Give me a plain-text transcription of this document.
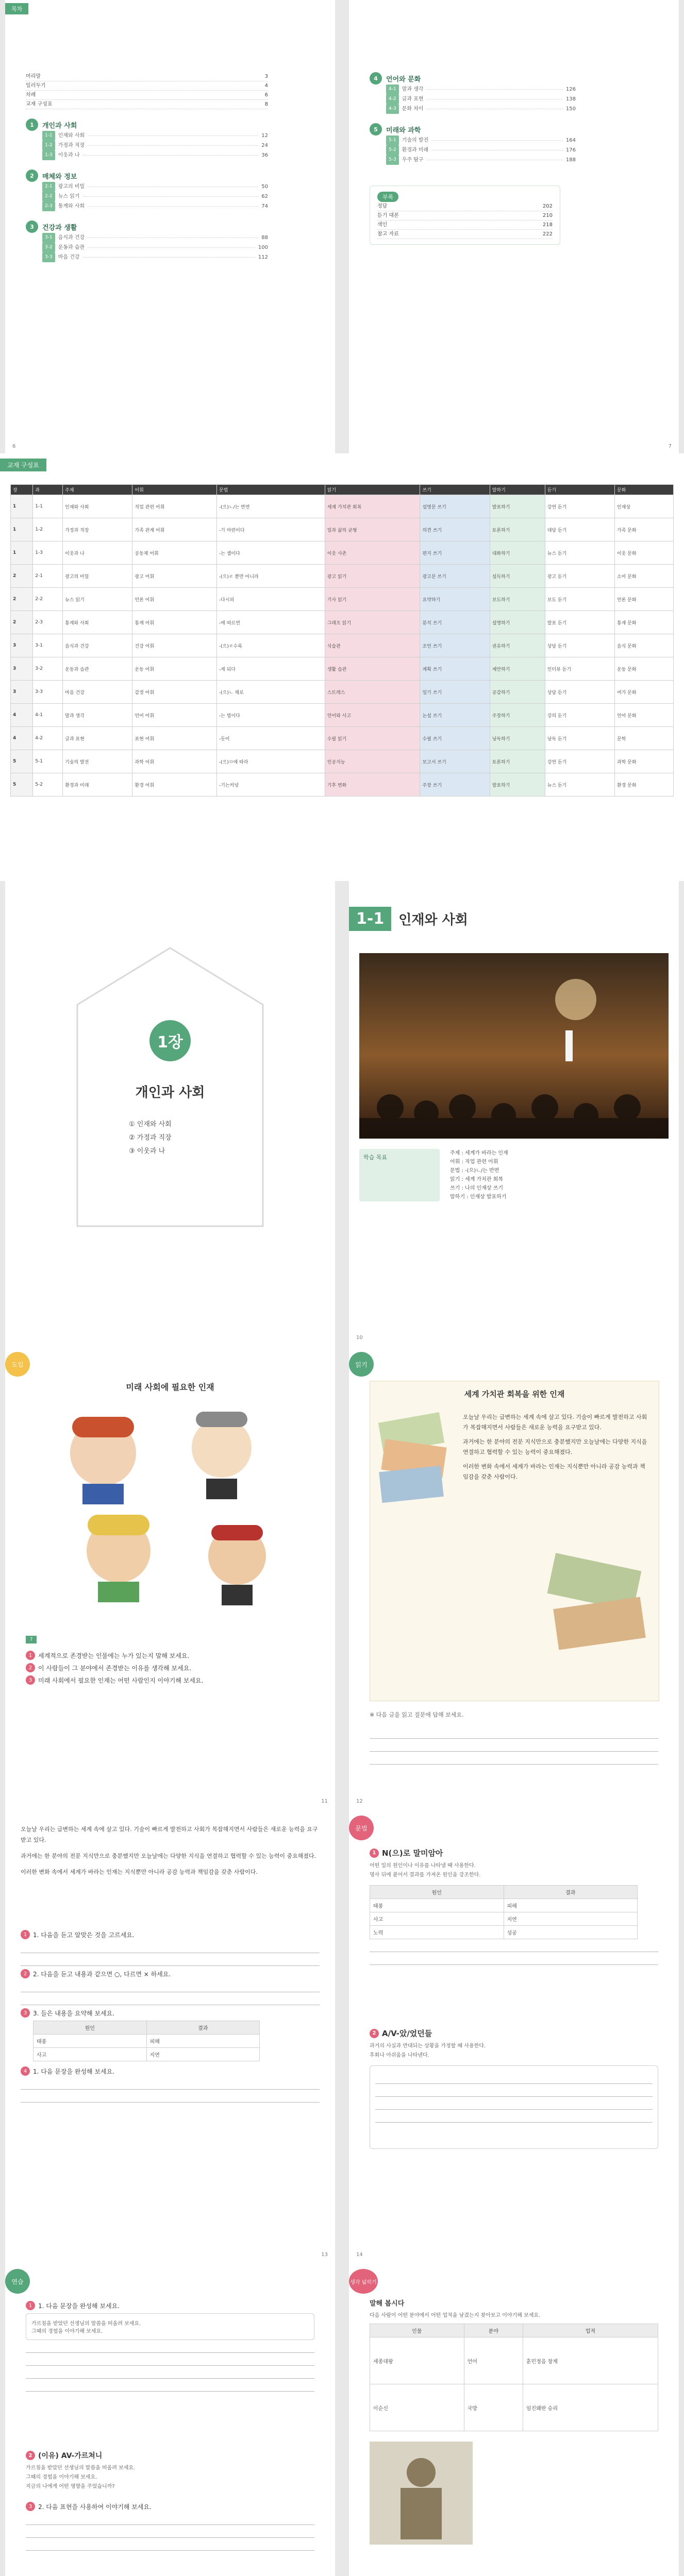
목차
머리말	3
일러두기	4
차례	6
교재 구성표	8
1	개인과 사회
1-1	인재와 사회	12
1-2	가정과 직장	24
1-3	이웃과 나	36
2	매체와 정보
2-1	광고의 비밀	50
2-2	뉴스 읽기	62
2-3	통계와 사회	74
3	건강과 생활
3-1	음식과 건강	88
3-2	운동과 습관	100
3-3	마음 건강	112
6
4	언어와 문화
4-1	말과 생각	126
4-2	글과 표현	138
4-3	문화 차이	150
5	미래와 과학
5-1	기술의 발전	164
5-2	환경과 미래	176
5-3	우주 탐구	188
부록
정답	202
듣기 대본	210
색인	218
참고 자료	222
7
교재 구성표
장	과	주제	어휘	문법	읽기	쓰기	말하기	듣기	문화
1	1-1	인재와 사회	직업 관련 어휘	-(으)ㄴ/는 반면	세계 가치관 회복	설명문 쓰기	발표하기	강연 듣기	인재상
1	1-2	가정과 직장	가족 관계 어휘	-기 마련이다	일과 삶의 균형	의견 쓰기	토론하기	대담 듣기	가족 문화
1	1-3	이웃과 나	공동체 어휘	-는 셈이다	이웃 사촌	편지 쓰기	대화하기	뉴스 듣기	이웃 문화
2	2-1	광고의 비밀	광고 어휘	-(으)ㄹ 뿐만 아니라	광고 읽기	광고문 쓰기	설득하기	광고 듣기	소비 문화
2	2-2	뉴스 읽기	언론 어휘	-다시피	기사 읽기	요약하기	보도하기	보도 듣기	언론 문화
2	2-3	통계와 사회	통계 어휘	-에 따르면	그래프 읽기	분석 쓰기	설명하기	발표 듣기	통계 문화
3	3-1	음식과 건강	건강 어휘	-(으)ㄹ수록	식습관	조언 쓰기	권유하기	상담 듣기	음식 문화
3	3-2	운동과 습관	운동 어휘	-게 되다	생활 습관	계획 쓰기	제안하기	인터뷰 듣기	운동 문화
3	3-3	마음 건강	감정 어휘	-(으)ㄴ 채로	스트레스	일기 쓰기	공감하기	상담 듣기	여가 문화
4	4-1	말과 생각	언어 어휘	-는 법이다	언어와 사고	논설 쓰기	주장하기	강의 듣기	언어 문화
4	4-2	글과 표현	표현 어휘	-듯이	수필 읽기	수필 쓰기	낭독하기	낭독 듣기	문학
5	5-1	기술의 발전	과학 어휘	-(으)ㅁ에 따라	인공지능	보고서 쓰기	토론하기	강연 듣기	과학 문화
5	5-2	환경과 미래	환경 어휘	-기는커녕	기후 변화	주장 쓰기	발표하기	뉴스 듣기	환경 문화
1장
개인과 사회
① 인재와 사회
② 가정과 직장
③ 이웃과 나
1-1	인재와 사회
학습 목표
주제 : 세계가 바라는 인재
어휘 : 직업 관련 어휘
문법 : -(으)ㄴ/는 반면
읽기 : 세계 가치관 회복
쓰기 : 나의 인재상 쓰기
말하기 : 인재상 발표하기
10
도입
미래 사회에 필요한 인재
?
1 세계적으로 존경받는 인물에는 누가 있는지 말해 보세요.
2 이 사람들이 그 분야에서 존경받는 이유를 생각해 보세요.
3 미래 사회에서 필요한 인재는 어떤 사람인지 이야기해 보세요.
11
읽기
세계 가치관 회복을 위한 인재

오늘날 우리는 급변하는 세계 속에 살고 있다. 기술이 빠르게 발전하고 사회가 복잡해지면서 사람들은 새로운 능력을 요구받고 있다.

과거에는 한 분야의 전문 지식만으로 충분했지만 오늘날에는 다양한 지식을 연결하고 협력할 수 있는 능력이 중요해졌다.

이러한 변화 속에서 세계가 바라는 인재는 지식뿐만 아니라 공감 능력과 책임감을 갖춘 사람이다.

※ 다음 글을 읽고 질문에 답해 보세요.
12

오늘날 우리는 급변하는 세계 속에 살고 있다. 기술이 빠르게 발전하고 사회가 복잡해지면서 사람들은 새로운 능력을 요구받고 있다.

과거에는 한 분야의 전문 지식만으로 충분했지만 오늘날에는 다양한 지식을 연결하고 협력할 수 있는 능력이 중요해졌다.

이러한 변화 속에서 세계가 바라는 인재는 지식뿐만 아니라 공감 능력과 책임감을 갖춘 사람이다.

1 1. 다음을 듣고 알맞은 것을 고르세요.
2 2. 다음을 듣고 내용과 같으면 ○, 다르면 × 하세요.
3 3. 들은 내용을 요약해 보세요.
원인	결과
태풍	피해
사고	지연
4 1. 다음 문장을 완성해 보세요.
13
문법
1 N(으)로 말미암아
어떤 일의 원인이나 이유를 나타낼 때 사용한다.
명사 뒤에 붙어서 결과를 가져온 원인을 강조한다.
원인	결과
태풍	피해
사고	지연
노력	성공
2 A/V-았/었던들
과거의 사실과 반대되는 상황을 가정할 때 사용한다.
후회나 아쉬움을 나타낸다.
14
연습
1 1. 다음 문장을 완성해 보세요.
가르침을 받았던 선생님의 말씀을 떠올려 보세요.
그때의 경험을 이야기해 보세요.
2 (이유) AV-가르쳐니
가르침을 받았던 선생님의 말씀을 떠올려 보세요.
그때의 경험을 이야기해 보세요.
지금의 나에게 어떤 영향을 주었습니까?
3 2. 다음 표현을 사용하여 이야기해 보세요.
생각 넓히기
말해 봅시다
다음 사람이 어떤 분야에서 어떤 업적을 남겼는지 찾아보고 이야기해 보세요.
인물	분야	업적
세종대왕	언어	훈민정음 창제
이순신	국방	임진왜란 승리
